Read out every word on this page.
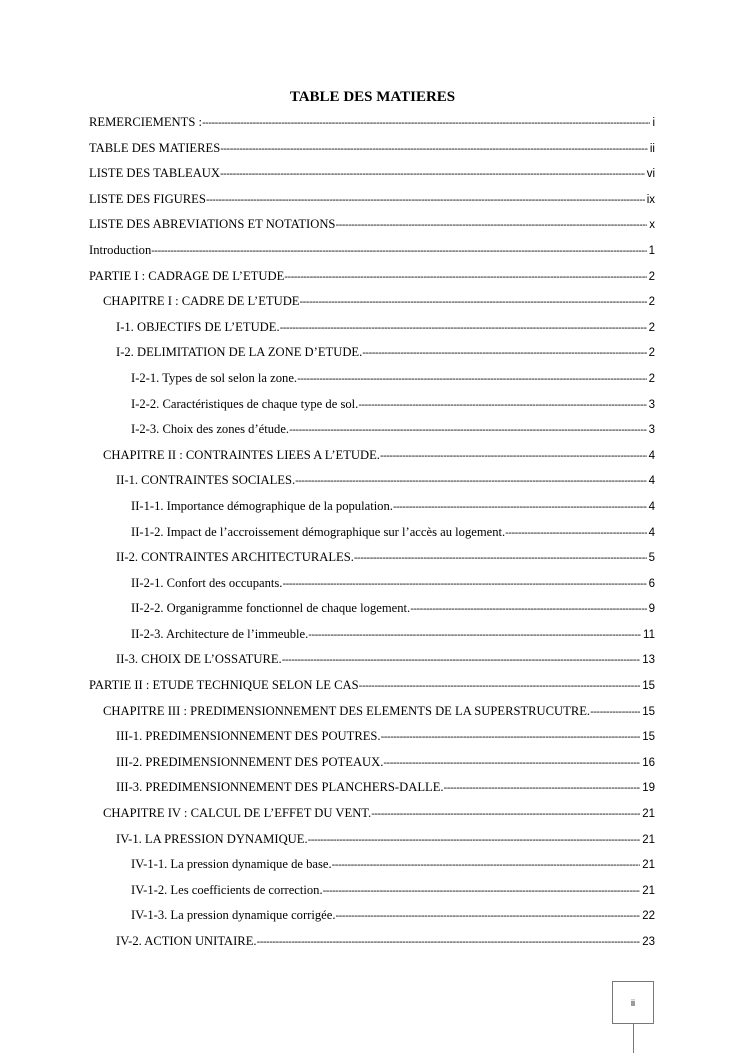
TABLE DES MATIERES
REMERCIEMENTS : -----	i
TABLE DES MATIERES -----	ii
LISTE DES TABLEAUX -----	vi
LISTE DES FIGURES -----	ix
LISTE DES ABREVIATIONS ET NOTATIONS -----	x
Introduction -----	1
PARTIE I : CADRAGE DE L’ETUDE -----	2
CHAPITRE I : CADRE DE L’ETUDE -----	2
I-1. OBJECTIFS DE L’ETUDE. -----	2
I-2. DELIMITATION DE LA ZONE D’ETUDE. -----	2
I-2-1. Types de sol selon la zone. -----	2
I-2-2. Caractéristiques de chaque type de sol. -----	3
I-2-3. Choix des zones d’étude. -----	3
CHAPITRE II : CONTRAINTES LIEES A L’ETUDE. -----	4
II-1. CONTRAINTES SOCIALES. -----	4
II-1-1. Importance démographique de la population. -----	4
II-1-2. Impact de l’accroissement démographique sur l’accès au logement. -----	4
II-2. CONTRAINTES ARCHITECTURALES. -----	5
II-2-1. Confort des occupants. -----	6
II-2-2. Organigramme fonctionnel de chaque logement. -----	9
II-2-3. Architecture de l’immeuble. -----	11
II-3. CHOIX DE L’OSSATURE. -----	13
PARTIE II : ETUDE TECHNIQUE SELON LE CAS -----	15
CHAPITRE III : PREDIMENSIONNEMENT DES ELEMENTS DE LA SUPERSTRUCUTRE. -----	15
III-1. PREDIMENSIONNEMENT DES POUTRES. -----	15
III-2. PREDIMENSIONNEMENT DES POTEAUX. -----	16
III-3. PREDIMENSIONNEMENT DES PLANCHERS-DALLE. -----	19
CHAPITRE IV : CALCUL DE L’EFFET DU VENT. -----	21
IV-1. LA PRESSION DYNAMIQUE. -----	21
IV-1-1. La pression dynamique de base. -----	21
IV-1-2. Les coefficients de correction. -----	21
IV-1-3. La pression dynamique corrigée. -----	22
IV-2. ACTION UNITAIRE. -----	23
ii
